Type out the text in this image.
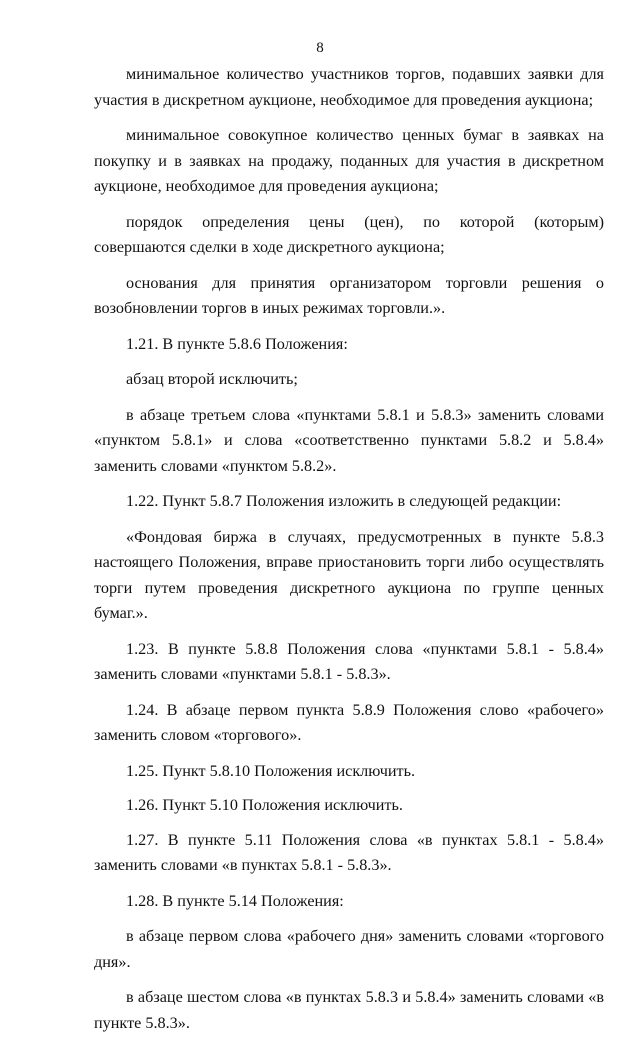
8

минимальное количество участников торгов, подавших заявки для участия в дискретном аукционе, необходимое для проведения аукциона;

минимальное совокупное количество ценных бумаг в заявках на покупку и в заявках на продажу, поданных для участия в дискретном аукционе, необходимое для проведения аукциона;

порядок определения цены (цен), по которой (которым) совершаются сделки в ходе дискретного аукциона;

основания для принятия организатором торговли решения о возобновлении торгов в иных режимах торговли.».

1.21. В пункте 5.8.6 Положения:

абзац второй исключить;

в абзаце третьем слова «пунктами 5.8.1 и 5.8.3» заменить словами «пунктом 5.8.1» и слова «соответственно пунктами 5.8.2 и 5.8.4» заменить словами «пунктом 5.8.2».

1.22. Пункт 5.8.7 Положения изложить в следующей редакции:

«Фондовая биржа в случаях, предусмотренных в пункте 5.8.3 настоящего Положения, вправе приостановить торги либо осуществлять торги путем проведения дискретного аукциона по группе ценных бумаг.».

1.23. В пункте 5.8.8 Положения слова «пунктами 5.8.1 - 5.8.4» заменить словами «пунктами 5.8.1 - 5.8.3».

1.24. В абзаце первом пункта 5.8.9 Положения слово «рабочего» заменить словом «торгового».

1.25. Пункт 5.8.10 Положения исключить.

1.26. Пункт 5.10 Положения исключить.

1.27. В пункте 5.11 Положения слова «в пунктах 5.8.1 - 5.8.4» заменить словами «в пунктах 5.8.1 - 5.8.3».

1.28. В пункте 5.14 Положения:

в абзаце первом слова «рабочего дня» заменить словами «торгового дня».

в абзаце шестом слова «в пунктах 5.8.3 и 5.8.4» заменить словами «в пункте 5.8.3».
